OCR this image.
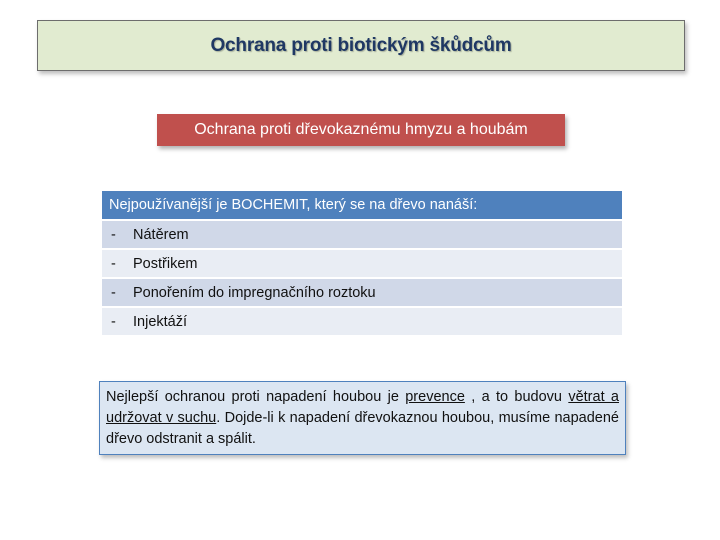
Ochrana proti biotickým škůdcům
Ochrana proti dřevokaznému hmyzu a houbám
Nejpoužívanější je BOCHEMIT, který se na dřevo nanáší:
-	Nátěrem
-	Postřikem
-	Ponořením do impregnačního roztoku
-	Injektáží
Nejlepší ochranou proti napadení houbou je prevence , a to budovu větrat a udržovat v suchu. Dojde-li k napadení dřevokaznou houbou, musíme napadené dřevo odstranit a spálit.
